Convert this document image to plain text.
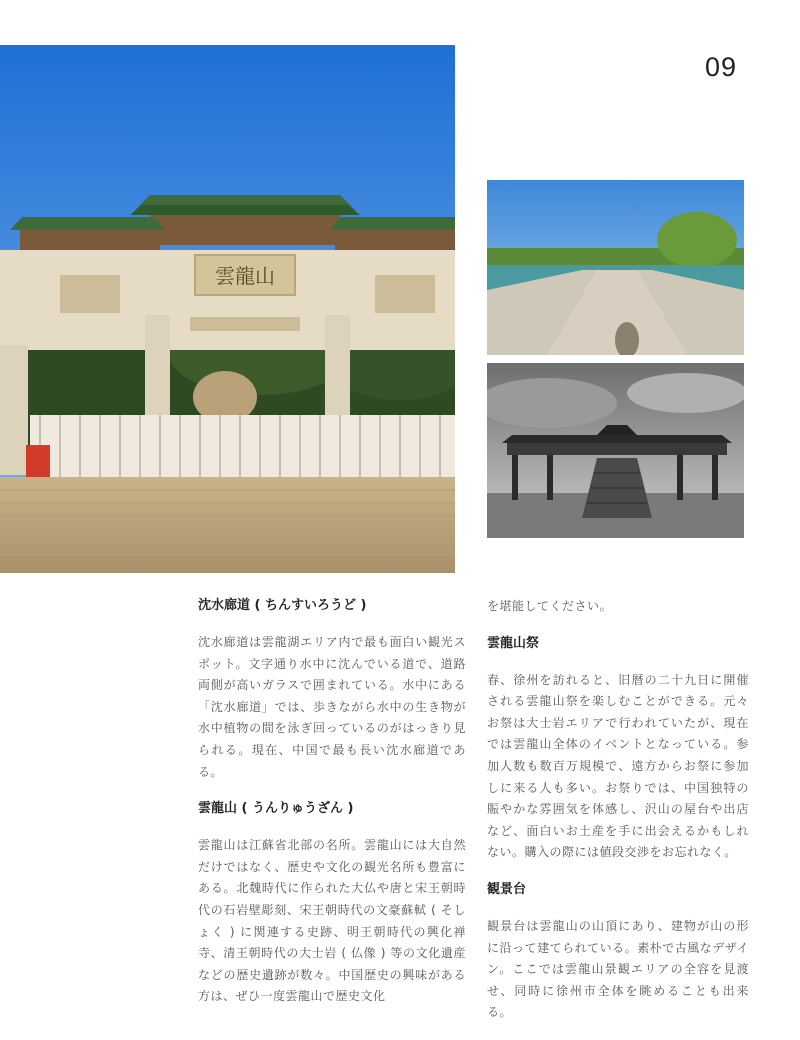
09
雲龍山
沈水廊道 ( ちんすいろうど )
沈水廊道は雲龍湖エリア内で最も面白い観光スポット。文字通り水中に沈んでいる道で、道路両側が高いガラスで囲まれている。水中にある「沈水廊道」では、歩きながら水中の生き物が水中植物の間を泳ぎ回っているのがはっきり見られる。現在、中国で最も長い沈水廊道である。
雲龍山 ( うんりゅうざん )
雲龍山は江蘇省北部の名所。雲龍山には大自然だけではなく、歴史や文化の観光名所も豊富にある。北魏時代に作られた大仏や唐と宋王朝時代の石岩壁彫刻、宋王朝時代の文豪蘇軾 ( そしょく ) に関連する史跡、明王朝時代の興化禅寺、清王朝時代の大士岩 ( 仏像 ) 等の文化遺産などの歴史遺跡が数々。中国歴史の興味がある方は、ぜひ一度雲龍山で歴史文化
を堪能してください。
雲龍山祭
春、徐州を訪れると、旧暦の二十九日に開催される雲龍山祭を楽しむことができる。元々お祭は大士岩エリアで行われていたが、現在では雲龍山全体のイベントとなっている。参加人数も数百万規模で、遠方からお祭に参加しに来る人も多い。お祭りでは、中国独特の賑やかな雰囲気を体感し、沢山の屋台や出店など、面白いお土産を手に出会えるかもしれない。購入の際には値段交渉をお忘れなく。
観景台
観景台は雲龍山の山頂にあり、建物が山の形に沿って建てられている。素朴で古風なデザイン。ここでは雲龍山景観エリアの全容を見渡せ、同時に徐州市全体を眺めることも出来る。
